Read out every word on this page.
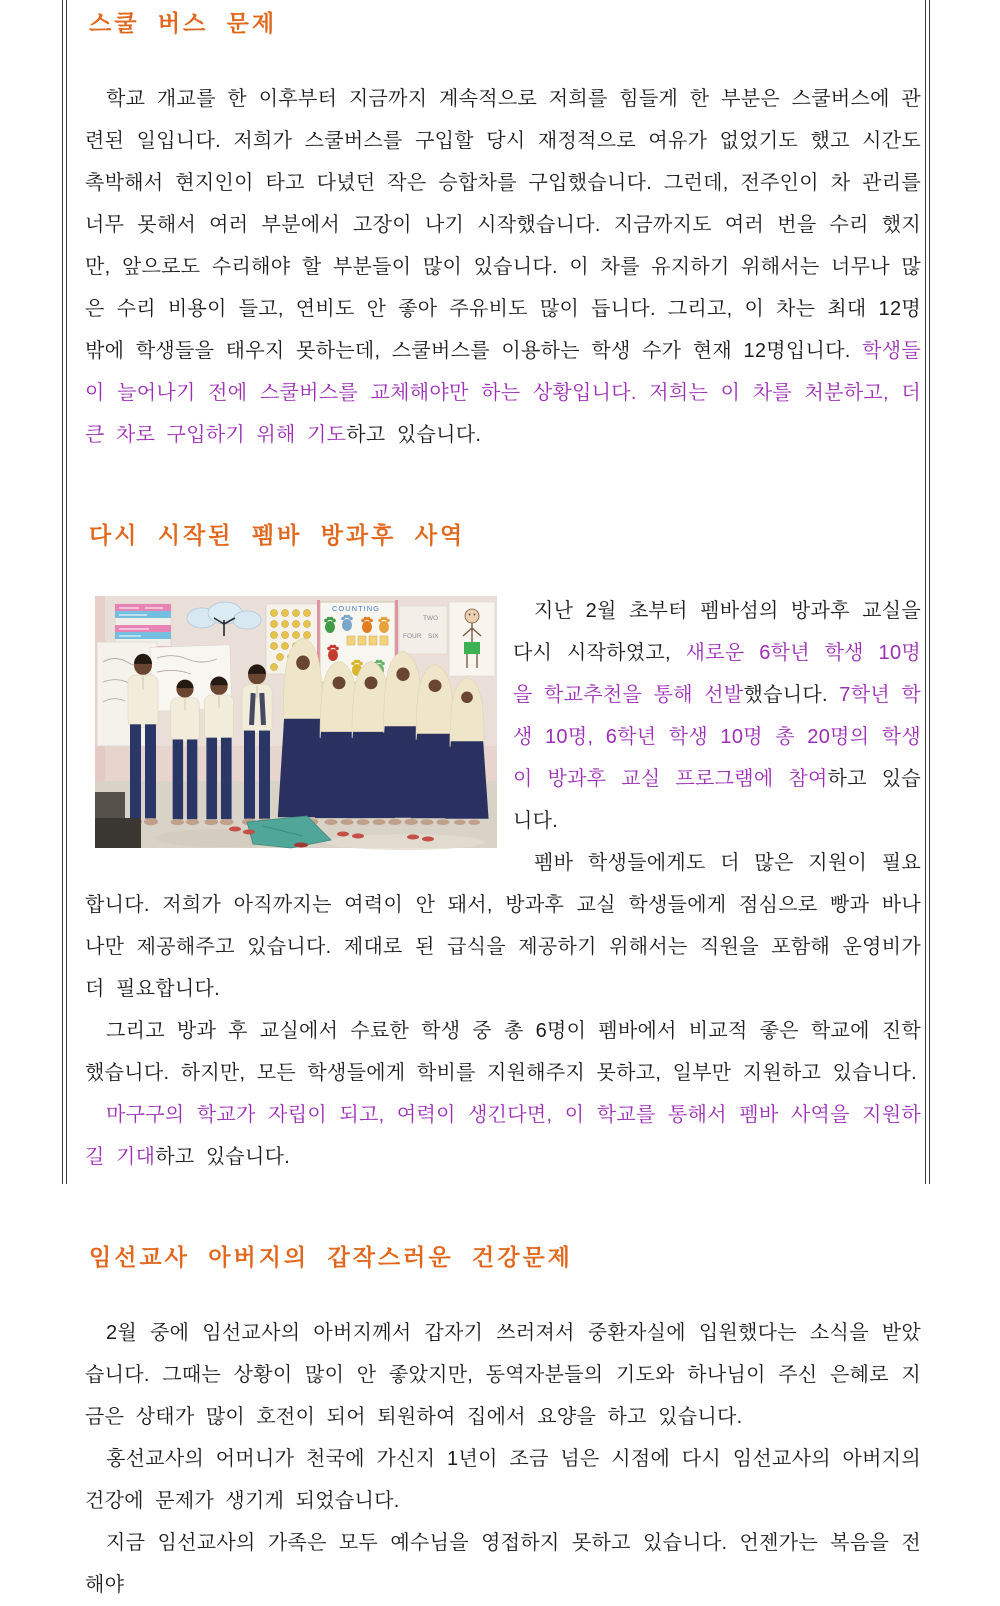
스쿨 버스 문제

학교 개교를 한 이후부터 지금까지 계속적으로 저희를 힘들게 한 부분은 스쿨버스에 관련된 일입니다. 저희가 스쿨버스를 구입할 당시 재정적으로 여유가 없었기도 했고 시간도 촉박해서 현지인이 타고 다녔던 작은 승합차를 구입했습니다. 그런데, 전주인이 차 관리를 너무 못해서 여러 부분에서 고장이 나기 시작했습니다. 지금까지도 여러 번을 수리 했지만, 앞으로도 수리해야 할 부분들이 많이 있습니다. 이 차를 유지하기 위해서는 너무나 많은 수리 비용이 들고, 연비도 안 좋아 주유비도 많이 듭니다. 그리고, 이 차는 최대 12명밖에 학생들을 태우지 못하는데, 스쿨버스를 이용하는 학생 수가 현재 12명입니다. 학생들이 늘어나기 전에 스쿨버스를 교체해야만 하는 상황입니다. 저희는 이 차를 처분하고, 더 큰 차로 구입하기 위해 기도하고 있습니다.

다시 시작된 펨바 방과후 사역
COUNTING
TWO
FOUR SIX

지난 2월 초부터 펨바섬의 방과후 교실을 다시 시작하였고, 새로운 6학년 학생 10명을 학교추천을 통해 선발했습니다. 7학년 학생 10명, 6학년 학생 10명 총 20명의 학생이 방과후 교실 프로그램에 참여하고 있습니다.

펨바 학생들에게도 더 많은 지원이 필요합니다. 저희가 아직까지는 여력이 안 돼서, 방과후 교실 학생들에게 점심으로 빵과 바나나만 제공해주고 있습니다. 제대로 된 급식을 제공하기 위해서는 직원을 포함해 운영비가 더 필요합니다.

그리고 방과 후 교실에서 수료한 학생 중 총 6명이 펨바에서 비교적 좋은 학교에 진학했습니다. 하지만, 모든 학생들에게 학비를 지원해주지 못하고, 일부만 지원하고 있습니다.

마구구의 학교가 자립이 되고, 여력이 생긴다면, 이 학교를 통해서 펨바 사역을 지원하길 기대하고 있습니다.

임선교사 아버지의 갑작스러운 건강문제

2월 중에 임선교사의 아버지께서 갑자기 쓰러져서 중환자실에 입원했다는 소식을 받았습니다. 그때는 상황이 많이 안 좋았지만, 동역자분들의 기도와 하나님이 주신 은혜로 지금은 상태가 많이 호전이 되어 퇴원하여 집에서 요양을 하고 있습니다.

홍선교사의 어머니가 천국에 가신지 1년이 조금 넘은 시점에 다시 임선교사의 아버지의 건강에 문제가 생기게 되었습니다.

지금 임선교사의 가족은 모두 예수님을 영접하지 못하고 있습니다. 언젠가는 복음을 전해야
